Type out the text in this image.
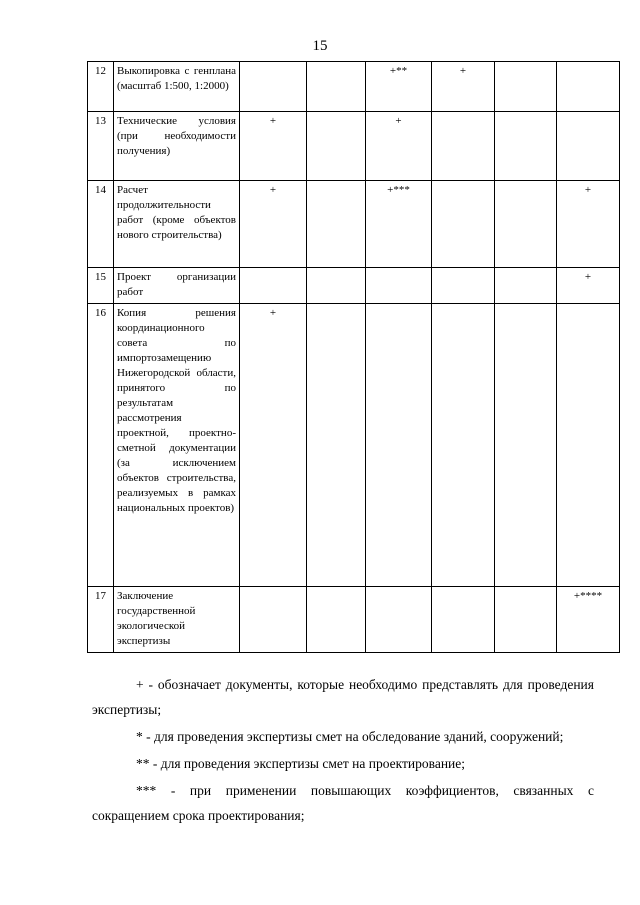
15
12	Выкопировка с генплана (масштаб 1:500, 1:2000)			+**	+		
13	Технические условия (при необходимости получения)	+		+			
14	Расчет продолжительности работ (кроме объектов нового строительства)	+		+***			+
15	Проект организации работ						+
16	Копия решения координационного совета по импортозамещению Нижегородской области, принятого по результатам рассмотрения проектной, проектно-сметной документации (за исключением объектов строительства, реализуемых в рамках национальных проектов)	+					
17	Заключение государственной экологической экспертизы						+****

+ - обозначает документы, которые необходимо представлять для проведения экспертизы;

* - для проведения экспертизы смет на обследование зданий, сооружений;

** - для проведения экспертизы смет на проектирование;

*** - при применении повышающих коэффициентов, связанных с сокращением срока проектирования;
